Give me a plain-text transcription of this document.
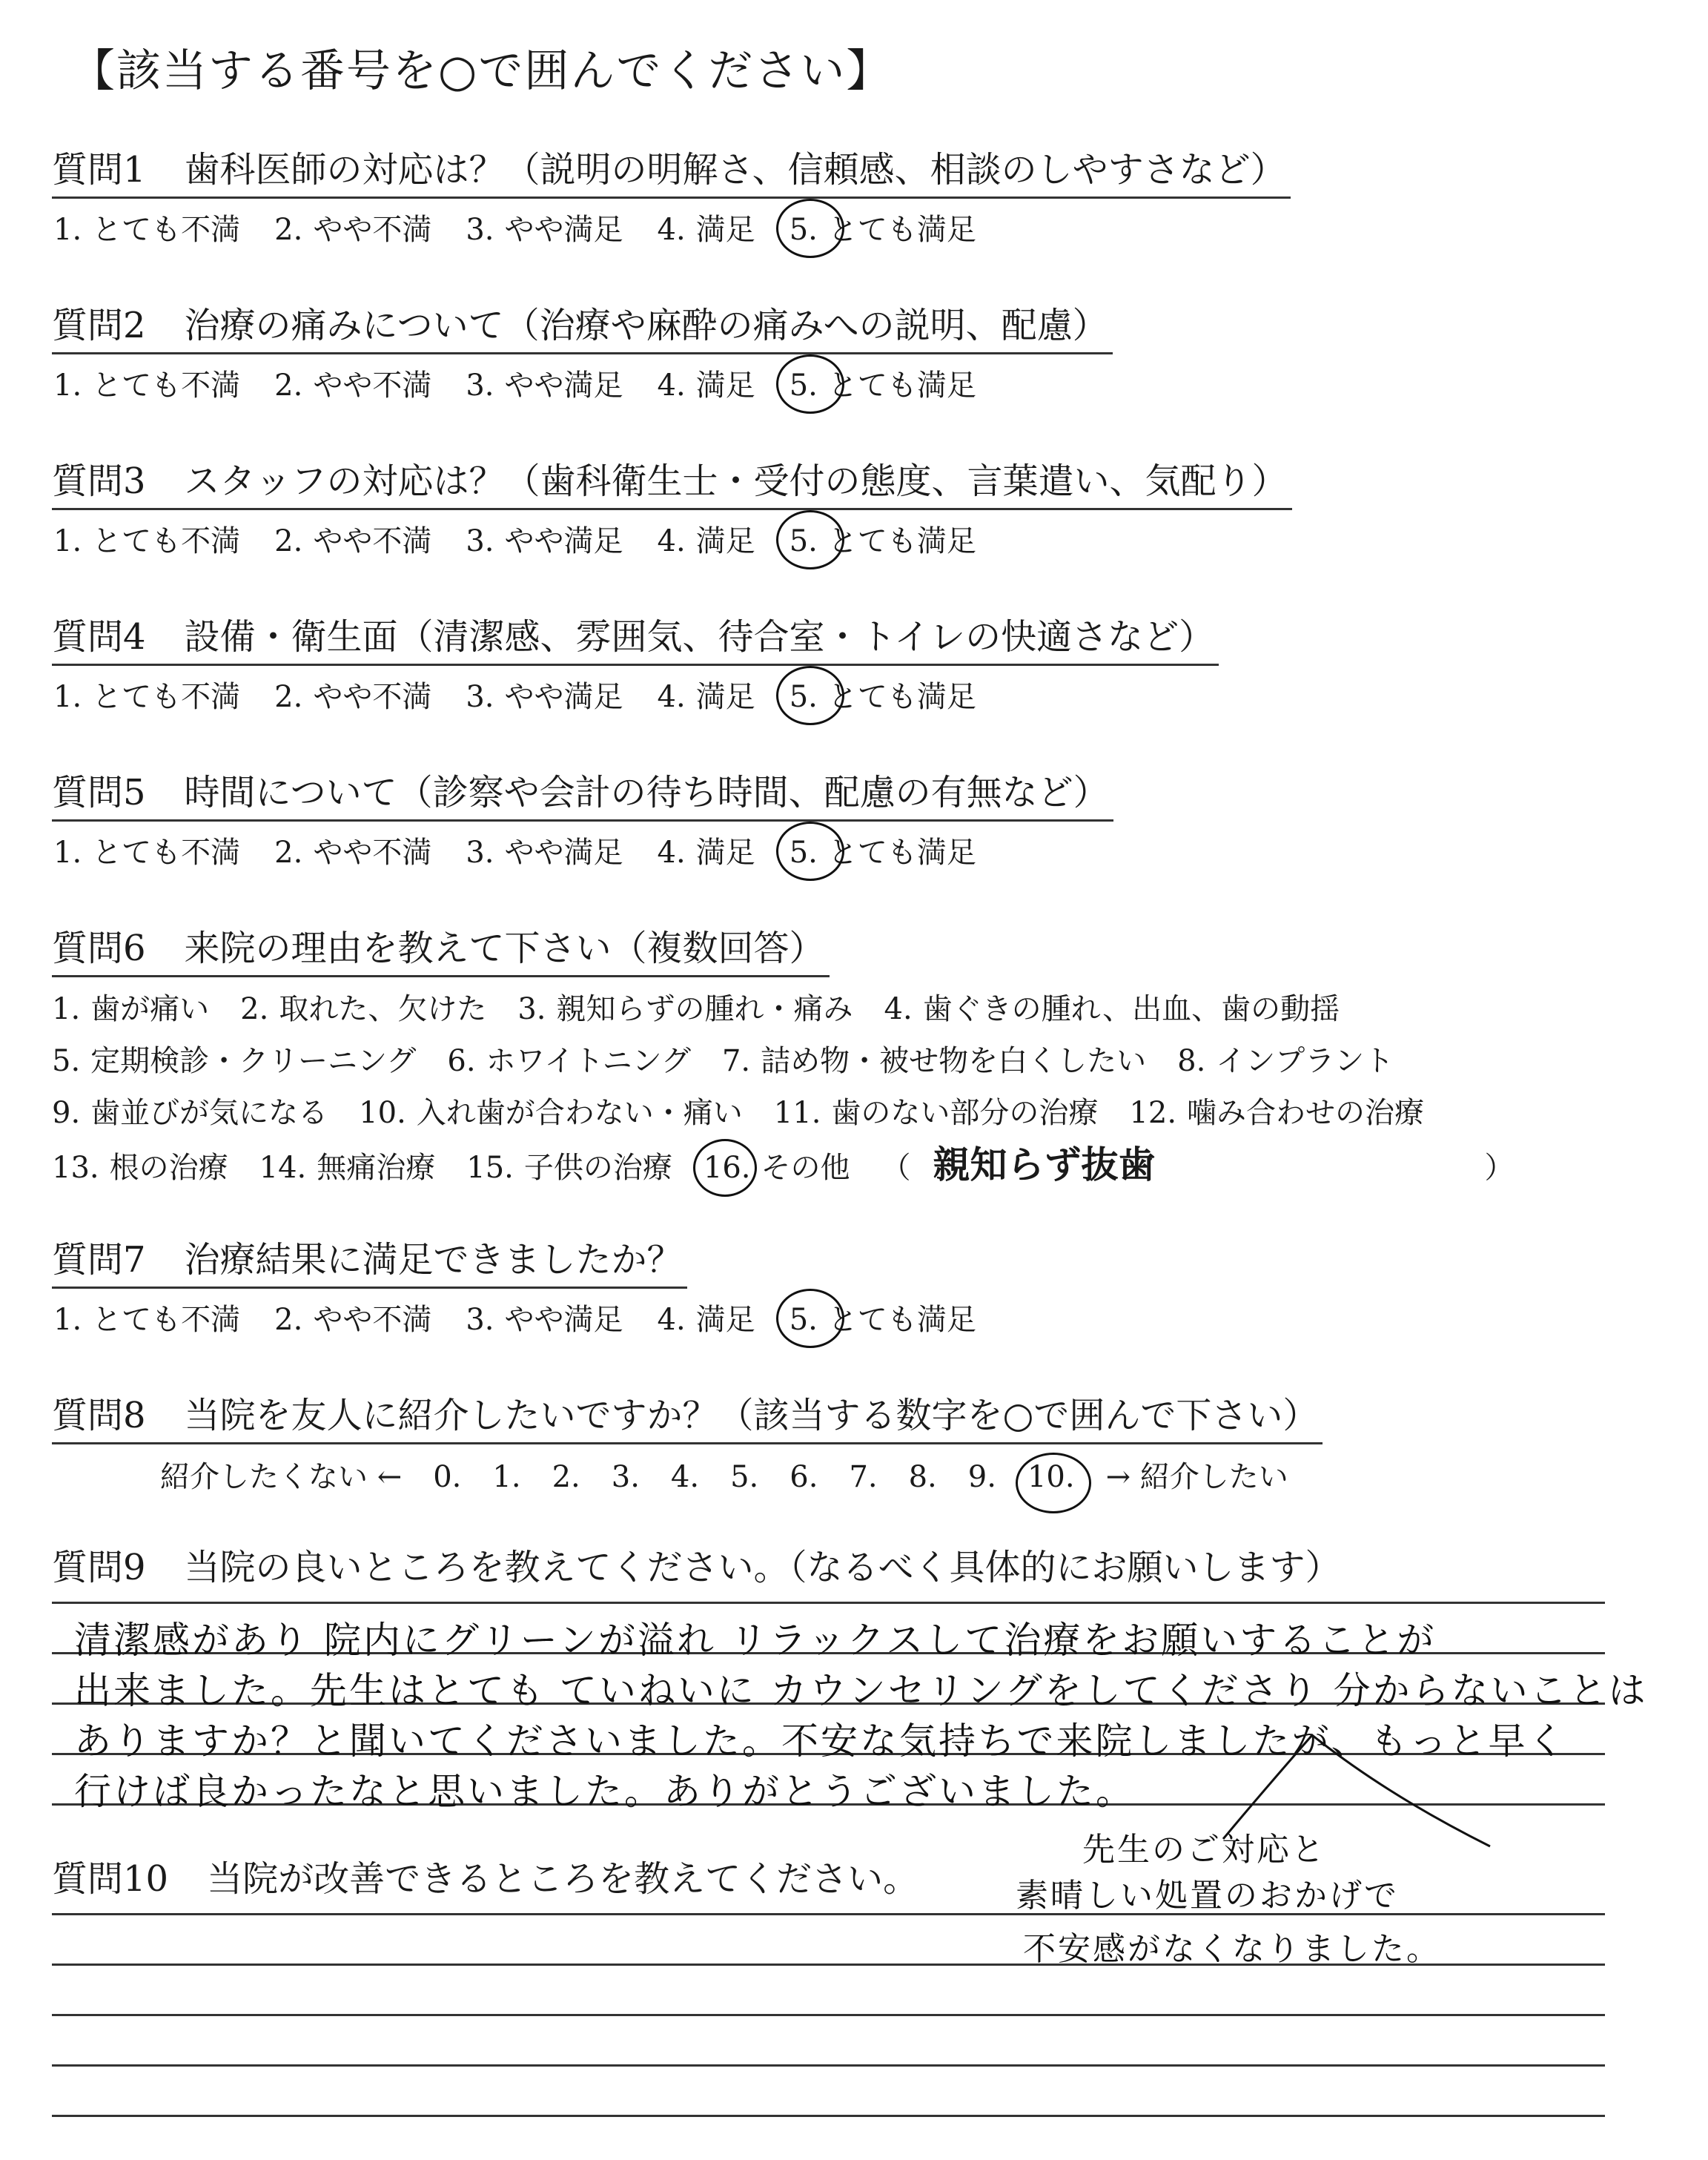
【該当する番号を○で囲んでください】
質問1 歯科医師の対応は？（説明の明解さ、信頼感、相談のしやすさなど）
1. とても不満 2. やや不満 3. やや満足 4. 満足 5. とても満足
質問2 治療の痛みについて（治療や麻酔の痛みへの説明、配慮）
1. とても不満 2. やや不満 3. やや満足 4. 満足 5. とても満足
質問3 スタッフの対応は？（歯科衛生士・受付の態度、言葉遣い、気配り）
1. とても不満 2. やや不満 3. やや満足 4. 満足 5. とても満足
質問4 設備・衛生面（清潔感、雰囲気、待合室・トイレの快適さなど）
1. とても不満 2. やや不満 3. やや満足 4. 満足 5. とても満足
質問5 時間について（診察や会計の待ち時間、配慮の有無など）
1. とても不満 2. やや不満 3. やや満足 4. 満足 5. とても満足
質問6 来院の理由を教えて下さい（複数回答）
1. 歯が痛い 2. 取れた、欠けた 3. 親知らずの腫れ・痛み 4. 歯ぐきの腫れ、出血、歯の動揺
5. 定期検診・クリーニング 6. ホワイトニング 7. 詰め物・被せ物を白くしたい 8. インプラント
9. 歯並びが気になる 10. 入れ歯が合わない・痛い 11. 歯のない部分の治療 12. 噛み合わせの治療
13. 根の治療 14. 無痛治療 15. 子供の治療 16. その他 （ 親知らず抜歯	）
質問7 治療結果に満足できましたか？
1. とても不満 2. やや不満 3. やや満足 4. 満足 5. とても満足
質問8 当院を友人に紹介したいですか？（該当する数字を○で囲んで下さい）
紹介したくない ← 0. 1. 2. 3. 4. 5. 6. 7. 8. 9. 10. → 紹介したい
質問9 当院の良いところを教えてください。（なるべく具体的にお願いします）
清潔感があり 院内にグリーンが溢れ リラックスして治療をお願いすることが
出来ました。先生はとても ていねいに カウンセリングをしてくださり 分からないことは
ありますか？と聞いてくださいました。不安な気持ちで来院しましたが、もっと早く
行けば良かったなと思いました。ありがとうございました。
質問10 当院が改善できるところを教えてください。
先生のご対応と
素晴しい処置のおかげで
不安感がなくなりました。
